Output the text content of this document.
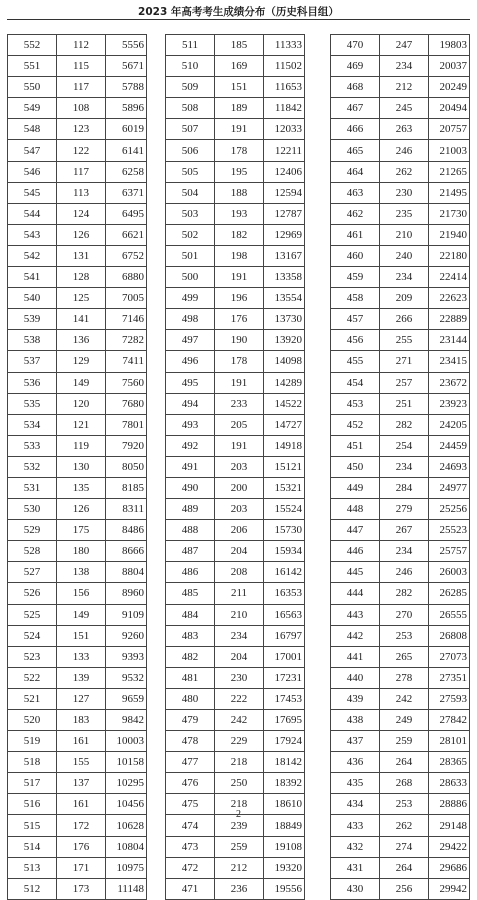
2023 年高考考生成绩分布（历史科目组）
552	112	5556
551	115	5671
550	117	5788
549	108	5896
548	123	6019
547	122	6141
546	117	6258
545	113	6371
544	124	6495
543	126	6621
542	131	6752
541	128	6880
540	125	7005
539	141	7146
538	136	7282
537	129	7411
536	149	7560
535	120	7680
534	121	7801
533	119	7920
532	130	8050
531	135	8185
530	126	8311
529	175	8486
528	180	8666
527	138	8804
526	156	8960
525	149	9109
524	151	9260
523	133	9393
522	139	9532
521	127	9659
520	183	9842
519	161	10003
518	155	10158
517	137	10295
516	161	10456
515	172	10628
514	176	10804
513	171	10975
512	173	11148
511	185	11333
510	169	11502
509	151	11653
508	189	11842
507	191	12033
506	178	12211
505	195	12406
504	188	12594
503	193	12787
502	182	12969
501	198	13167
500	191	13358
499	196	13554
498	176	13730
497	190	13920
496	178	14098
495	191	14289
494	233	14522
493	205	14727
492	191	14918
491	203	15121
490	200	15321
489	203	15524
488	206	15730
487	204	15934
486	208	16142
485	211	16353
484	210	16563
483	234	16797
482	204	17001
481	230	17231
480	222	17453
479	242	17695
478	229	17924
477	218	18142
476	250	18392
475	218	18610
474	239	18849
473	259	19108
472	212	19320
471	236	19556
470	247	19803
469	234	20037
468	212	20249
467	245	20494
466	263	20757
465	246	21003
464	262	21265
463	230	21495
462	235	21730
461	210	21940
460	240	22180
459	234	22414
458	209	22623
457	266	22889
456	255	23144
455	271	23415
454	257	23672
453	251	23923
452	282	24205
451	254	24459
450	234	24693
449	284	24977
448	279	25256
447	267	25523
446	234	25757
445	246	26003
444	282	26285
443	270	26555
442	253	26808
441	265	27073
440	278	27351
439	242	27593
438	249	27842
437	259	28101
436	264	28365
435	268	28633
434	253	28886
433	262	29148
432	274	29422
431	264	29686
430	256	29942
2
